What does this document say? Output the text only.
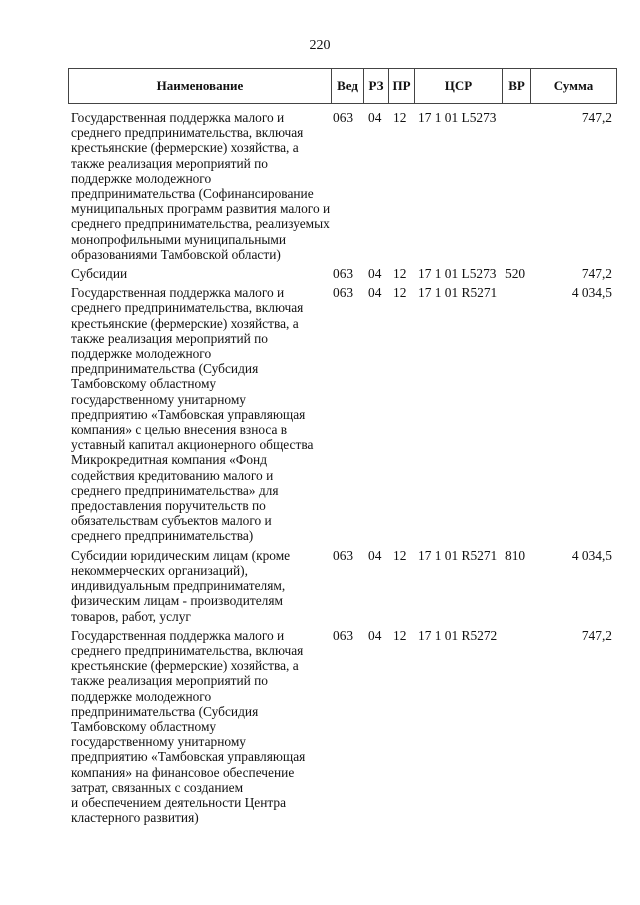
220
Наименование	Вед РЗ ПР	ЦСР	ВР	Сумма
Государственная поддержка малого и
среднего предпринимательства, включая
крестьянские (фермерские) хозяйства, а
также реализация мероприятий по
поддержке молодежного
предпринимательства (Софинансирование
муниципальных программ развития малого и
среднего предпринимательства, реализуемых
монопрофильными муниципальными
образованиями Тамбовской области)
063	04 12 17 1 01 L5273	747,2
Субсидии	063	04 12 17 1 01 L5273 520	747,2
Государственная поддержка малого и
среднего предпринимательства, включая
крестьянские (фермерские) хозяйства, а
также реализация мероприятий по
поддержке молодежного
предпринимательства (Субсидия
Тамбовскому областному
государственному унитарному
предприятию «Тамбовская управляющая
компания» с целью внесения взноса в
уставный капитал акционерного общества
Микрокредитная компания «Фонд
содействия кредитованию малого и
среднего предпринимательства» для
предоставления поручительств по
обязательствам субъектов малого и
среднего предпринимательства)
063	04 12 17 1 01 R5271	4 034,5
Субсидии юридическим лицам (кроме
некоммерческих организаций),
индивидуальным предпринимателям,
физическим лицам - производителям
товаров, работ, услуг
063	04 12 17 1 01 R5271 810	4 034,5
Государственная поддержка малого и
среднего предпринимательства, включая
крестьянские (фермерские) хозяйства, а
также реализация мероприятий по
поддержке молодежного
предпринимательства (Субсидия
Тамбовскому областному
государственному унитарному
предприятию «Тамбовская управляющая
компания» на финансовое обеспечение
затрат, связанных с созданием
и обеспечением деятельности Центра
кластерного развития)
063	04 12 17 1 01 R5272	747,2
